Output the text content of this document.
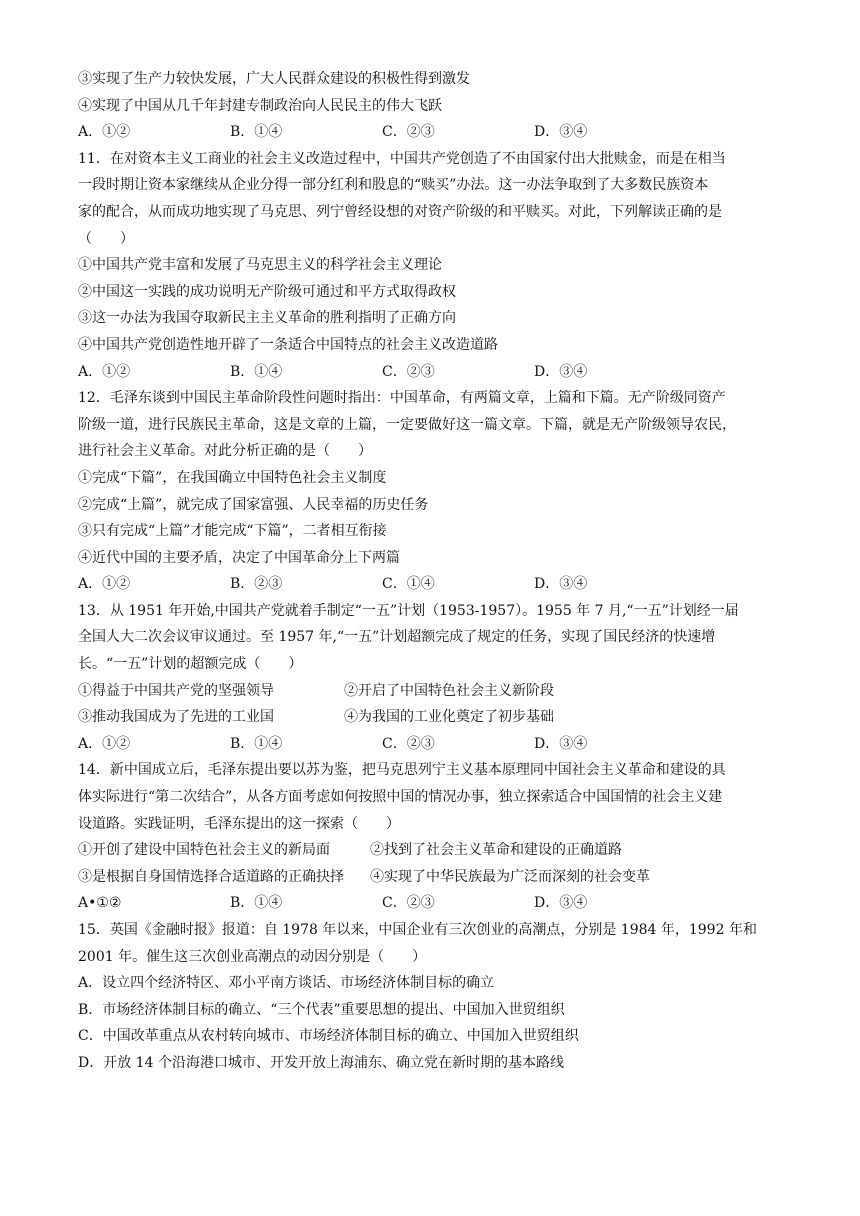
③实现了生产力较快发展，广大人民群众建设的积极性得到激发
④实现了中国从几千年封建专制政治向人民民主的伟大飞跃
A．①②	B．①④	C．②③	D．③④
11．在对资本主义工商业的社会主义改造过程中，中国共产党创造了不由国家付出大批赎金，而是在相当
一段时期让资本家继续从企业分得一部分红利和股息的“赎买”办法。这一办法争取到了大多数民族资本
家的配合，从而成功地实现了马克思、列宁曾经设想的对资产阶级的和平赎买。对此，下列解读正确的是
（　　）
①中国共产党丰富和发展了马克思主义的科学社会主义理论
②中国这一实践的成功说明无产阶级可通过和平方式取得政权
③这一办法为我国夺取新民主主义革命的胜利指明了正确方向
④中国共产党创造性地开辟了一条适合中国特点的社会主义改造道路
A．①②	B．①④	C．②③	D．③④
12．毛泽东谈到中国民主革命阶段性问题时指出：中国革命，有两篇文章，上篇和下篇。无产阶级同资产
阶级一道，进行民族民主革命，这是文章的上篇，一定要做好这一篇文章。下篇，就是无产阶级领导农民，
进行社会主义革命。对此分析正确的是（　　）
①完成“下篇”，在我国确立中国特色社会主义制度
②完成“上篇”，就完成了国家富强、人民幸福的历史任务
③只有完成“上篇”才能完成“下篇”，二者相互衔接
④近代中国的主要矛盾，决定了中国革命分上下两篇
A．①②	B．②③	C．①④	D．③④
13．从 1951 年开始,中国共产党就着手制定“一五”计划（1953-1957）。1955 年 7 月,“一五”计划经一届
全国人大二次会议审议通过。至 1957 年,“一五”计划超额完成了规定的任务，实现了国民经济的快速增
长。“一五”计划的超额完成（　　）
①得益于中国共产党的坚强领导	②开启了中国特色社会主义新阶段
③推动我国成为了先进的工业国	④为我国的工业化奠定了初步基础
A．①②	B．①④	C．②③	D．③④
14．新中国成立后，毛泽东提出要以苏为鉴，把马克思列宁主义基本原理同中国社会主义革命和建设的具
体实际进行“第二次结合”，从各方面考虑如何按照中国的情况办事，独立探索适合中国国情的社会主义建
设道路。实践证明，毛泽东提出的这一探索（　　）
①开创了建设中国特色社会主义的新局面	②找到了社会主义革命和建设的正确道路
③是根据自身国情选择合适道路的正确抉择	④实现了中华民族最为广泛而深刻的社会变革
A•①②	B．①④	C．②③	D．③④
15．英国《金融时报》报道：自 1978 年以来，中国企业有三次创业的高潮点，分别是 1984 年，1992 年和
2001 年。催生这三次创业高潮点的动因分别是（　　）
A．设立四个经济特区、邓小平南方谈话、市场经济体制目标的确立
B．市场经济体制目标的确立、“三个代表”重要思想的提出、中国加入世贸组织
C．中国改革重点从农村转向城市、市场经济体制目标的确立、中国加入世贸组织
D．开放 14 个沿海港口城市、开发开放上海浦东、确立党在新时期的基本路线
